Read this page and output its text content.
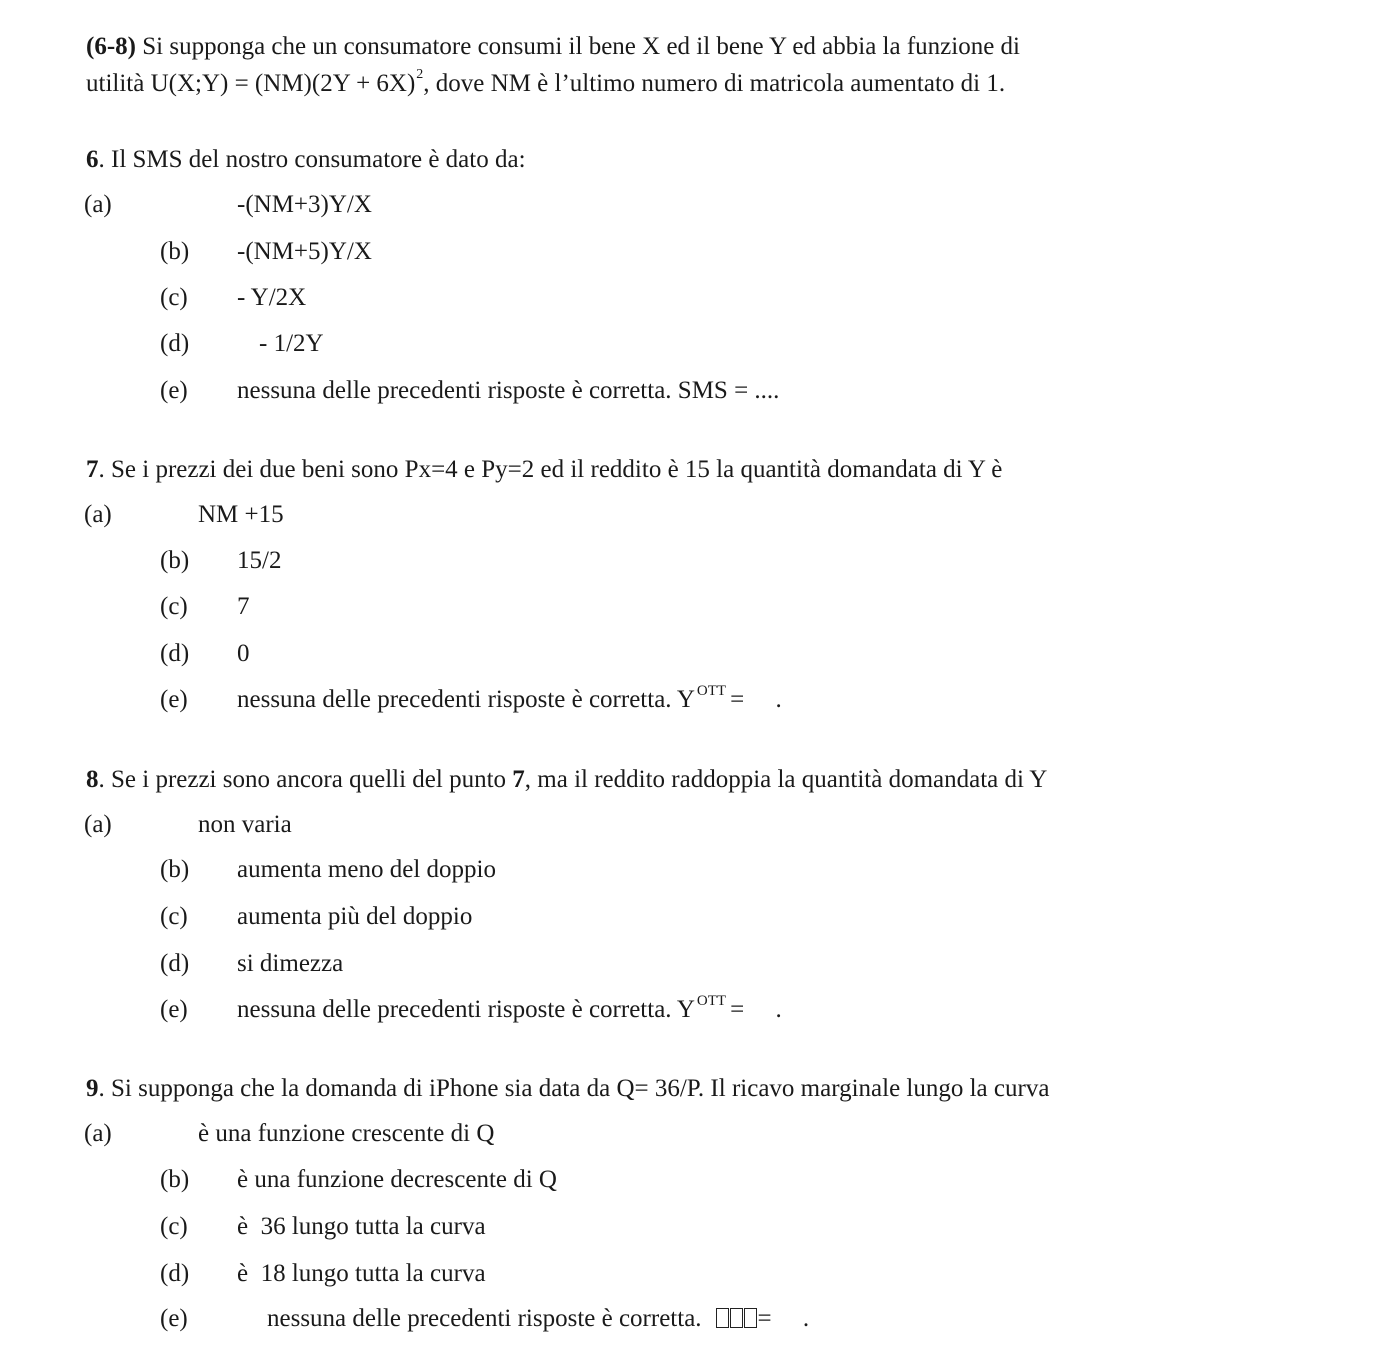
(6-8) Si supponga che un consumatore consumi il bene X ed il bene Y ed abbia la funzione di
utilità U(X;Y) = $(NM)(2Y + 6X)^2$, dove NM è l’ultimo numero di matricola aumentato di 1.
6. Il SMS del nostro consumatore è dato da:
(a)	-(NM+3)Y/X
(b) -(NM+5)Y/X
(c) - Y/2X
(d)	- 1/2Y
(e) nessuna delle precedenti risposte è corretta. SMS = ....
7. Se i prezzi dei due beni sono Px=4 e Py=2 ed il reddito è 15 la quantità domandata di Y è
(a)	NM +15
(b) 15/2
(c) 7
(d) 0
(e) nessuna delle precedenti risposte è corretta. Y $^{OTT}$ =     .
8. Se i prezzi sono ancora quelli del punto 7, ma il reddito raddoppia la quantità domandata di Y
(a)	non varia
(b) aumenta meno del doppio
(c) aumenta più del doppio
(d) si dimezza
(e) nessuna delle precedenti risposte è corretta. Y $^{OTT}$ =     .
9. Si supponga che la domanda di iPhone sia data da Q= 36/P. Il ricavo marginale lungo la curva
(a)	è una funzione crescente di Q
(b) è una funzione decrescente di Q
(c) è  36 lungo tutta la curva
(d) è  18 lungo tutta la curva
(e)	nessuna delle precedenti risposte è corretta. =     .
